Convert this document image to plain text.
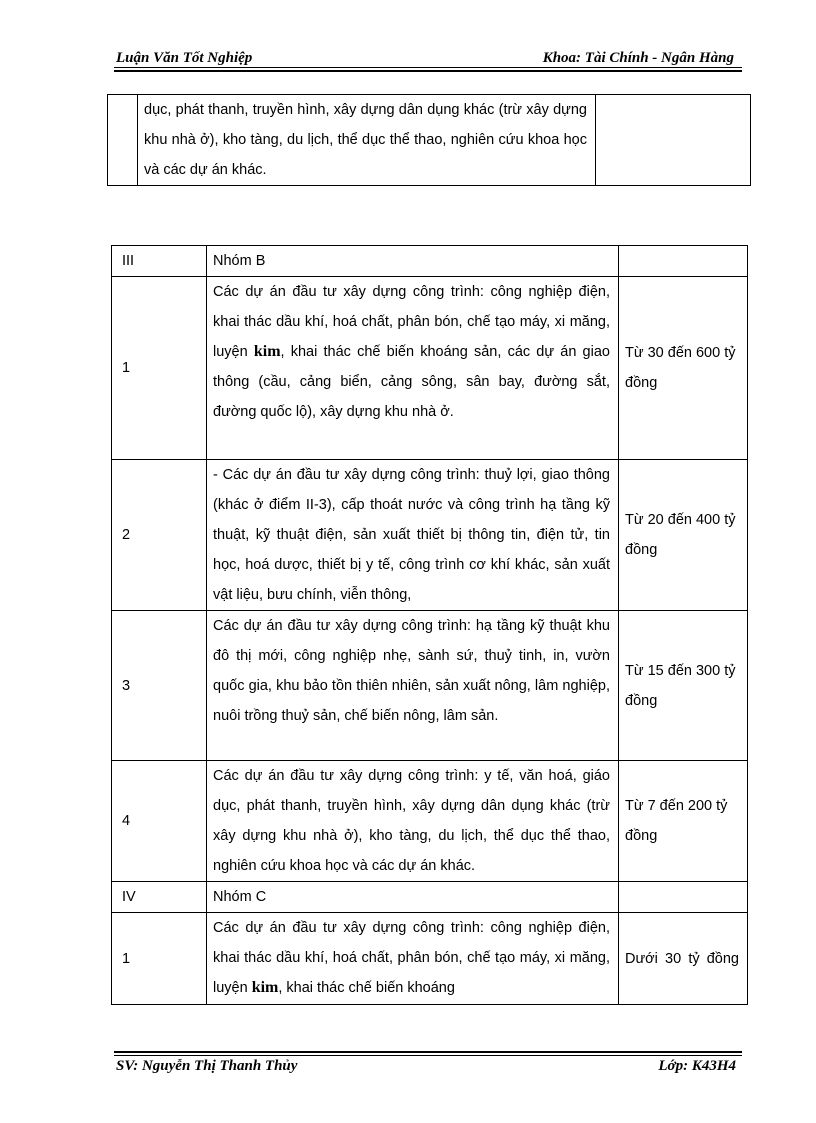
Luận Văn Tốt Nghiệp	Khoa: Tài Chính - Ngân Hàng
	dục, phát thanh, truyền hình, xây dựng dân dụng khác (trừ xây dựng khu nhà ở), kho tàng, du lịch, thể dục thể thao, nghiên cứu khoa học và các dự án khác.	
III	Nhóm B	
1	Các dự án đầu tư xây dựng công trình: công nghiệp điện, khai thác dầu khí, hoá chất, phân bón, chế tạo máy, xi măng, luyện kim, khai thác chế biến khoáng sản, các dự án giao thông (cầu, cảng biển, cảng sông, sân bay, đường sắt, đường quốc lộ), xây dựng khu nhà ở.	Từ 30 đến 600 tỷ đồng
2	- Các dự án đầu tư xây dựng công trình: thuỷ lợi, giao thông (khác ở điểm II-3), cấp thoát nước và công trình hạ tầng kỹ thuật, kỹ thuật điện, sản xuất thiết bị thông tin, điện tử, tin học, hoá dược, thiết bị y tế, công trình cơ khí khác, sản xuất vật liệu, bưu chính, viễn thông,	Từ 20 đến 400 tỷ đồng
3	Các dự án đầu tư xây dựng công trình: hạ tầng kỹ thuật khu đô thị mới, công nghiệp nhẹ, sành sứ, thuỷ tinh, in, vườn quốc gia, khu bảo tồn thiên nhiên, sản xuất nông, lâm nghiệp, nuôi trồng thuỷ sản, chế biến nông, lâm sản.	Từ 15 đến 300 tỷ đồng
4	Các dự án đầu tư xây dựng công trình: y tế, văn hoá, giáo dục, phát thanh, truyền hình, xây dựng dân dụng khác (trừ xây dựng khu nhà ở), kho tàng, du lịch, thể dục thể thao, nghiên cứu khoa học và các dự án khác.	Từ 7 đến 200 tỷ đồng
IV	Nhóm C	
1	Các dự án đầu tư xây dựng công trình: công nghiệp điện, khai thác dầu khí, hoá chất, phân bón, chế tạo máy, xi măng, luyện kim, khai thác chế biến khoáng	Dưới 30 tỷ đồng
SV: Nguyễn Thị Thanh Thủy	Lớp: K43H4
